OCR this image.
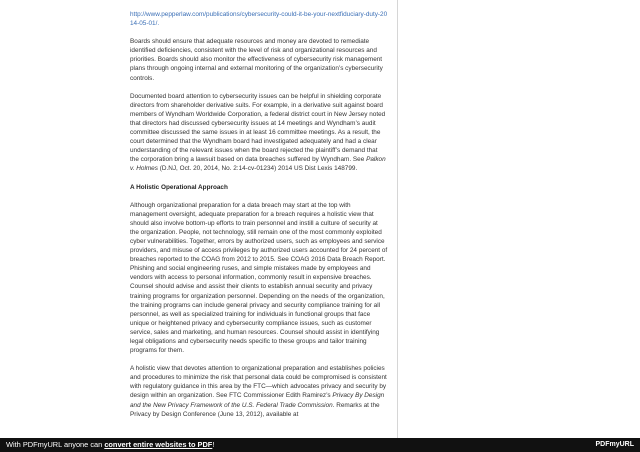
http://www.pepperlaw.com/publications/cybersecurity-could-it-be-your-nextfiduciary-duty-2014-05-01/.

Boards should ensure that adequate resources and money are devoted to remediate identified deficiencies, consistent with the level of risk and organizational resources and priorities. Boards should also monitor the effectiveness of cybersecurity risk management plans through ongoing internal and external monitoring of the organization’s cybersecurity controls.

Documented board attention to cybersecurity issues can be helpful in shielding corporate directors from shareholder derivative suits. For example, in a derivative suit against board members of Wyndham Worldwide Corporation, a federal district court in New Jersey noted that directors had discussed cybersecurity issues at 14 meetings and Wyndham’s audit committee discussed the same issues in at least 16 committee meetings. As a result, the court determined that the Wyndham board had investigated adequately and had a clear understanding of the relevant issues when the board rejected the plaintiff’s demand that the corporation bring a lawsuit based on data breaches suffered by Wyndham. See Palkon v. Holmes (D.NJ, Oct. 20, 2014, No. 2:14-cv-01234) 2014 US Dist Lexis 148799.

A Holistic Operational Approach

Although organizational preparation for a data breach may start at the top with management oversight, adequate preparation for a breach requires a holistic view that should also involve bottom-up efforts to train personnel and instill a culture of security at the organization. People, not technology, still remain one of the most commonly exploited cyber vulnerabilities. Together, errors by authorized users, such as employees and service providers, and misuse of access privileges by authorized users accounted for 24 percent of breaches reported to the COAG from 2012 to 2015. See COAG 2016 Data Breach Report. Phishing and social engineering ruses, and simple mistakes made by employees and vendors with access to personal information, commonly result in expensive breaches. Counsel should advise and assist their clients to establish annual security and privacy training programs for organization personnel. Depending on the needs of the organization, the training programs can include general privacy and security compliance training for all personnel, as well as specialized training for individuals in functional groups that face unique or heightened privacy and cybersecurity compliance issues, such as customer service, sales and marketing, and human resources. Counsel should assist in identifying legal obligations and cybersecurity needs specific to these groups and tailor training programs for them.

A holistic view that devotes attention to organizational preparation and establishes policies and procedures to minimize the risk that personal data could be compromised is consistent with regulatory guidance in this area by the FTC—which advocates privacy and security by design within an organization. See FTC Commissioner Edith Ramirez’s Privacy By Design and the New Privacy Framework of the U.S. Federal Trade Commission. Remarks at the Privacy by Design Conference (June 13, 2012), available at

With PDFmyURL anyone can convert entire websites to PDF!	PDFmyURL
